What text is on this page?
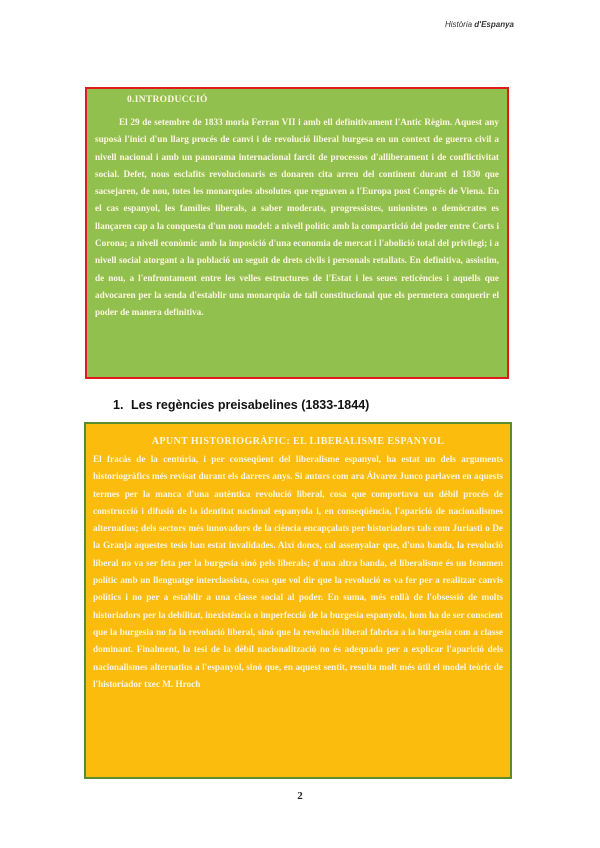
Història d'Espanya
0.INTRODUCCIÓ

El 29 de setembre de 1833 moria Ferran VII i amb ell definitivament l'Antic Règim. Aquest any suposà l'inici d'un llarg procés de canvi i de revolució liberal burgesa en un context de guerra civil a nivell nacional i amb un panorama internacional farcit de processos d'alliberament i de conflictivitat social. Defet, nous esclafits revolucionaris es donaren cita arreu del continent durant el 1830 que sacsejaren, de nou, totes les monarquies absolutes que regnaven a l'Europa post Congrés de Viena. En el cas espanyol, les famílies liberals, a saber moderats, progressistes, unionistes o demòcrates es llançaren cap a la conquesta d'un nou model: a nivell polític amb la compartició del poder entre Corts i Corona; a nivell econòmic amb la imposició d'una economia de mercat i l'abolició total del privilegi; i a nivell social atorgant a la població un seguit de drets civils i personals retallats. En definitiva, assistim, de nou, a l'enfrontament entre les velles estructures de l'Estat i les seues reticències i aquells que advocaren per la senda d'establir una monarquia de tall constitucional que els permetera conquerir el poder de manera definitiva.

1. Les regències preisabelines (1833-1844)
APUNT HISTORIOGRÀFIC: EL LIBERALISME ESPANYOL

El fracàs de la centúria, i per conseqüent del liberalisme espanyol, ha estat un dels arguments historiogràfics més revisat durant els darrers anys. Si autors com ara Álvarez Junco parlaven en aquests termes per la manca d'una autèntica revolució liberal, cosa que comportava un dèbil procés de construcció i difusió de la identitat nacional espanyola i, en conseqüència, l'aparició de nacionalismes alternatius; dels sectors més innovadors de la ciència encapçalats per historiadors tals com Juriasti o De la Granja aquestes tesis han estat invalidades. Així doncs, cal assenyalar que, d'una banda, la revolució liberal no va ser feta per la burgesia sinó pels liberals; d'una altra banda, el liberalisme és un fenomen polític amb un llenguatge interclassista, cosa que vol dir que la revolució es va fer per a realitzar canvis polítics i no per a establir a una classe social al poder. En suma, més enllà de l'obsessió de molts historiadors per la debilitat, inexistència o imperfecció de la burgesia espanyola, hom ha de ser conscient que la burgesia no fa la revolució liberal, sinó que la revolució liberal fabrica a la burgesia com a classe dominant. Finalment, la tesi de la dèbil nacionalització no és adequada per a explicar l'aparició dels nacionalismes alternatius a l'espanyol, sinó que, en aquest sentit, resulta molt més útil el model teòric de l'historiador txec M. Hroch

2
